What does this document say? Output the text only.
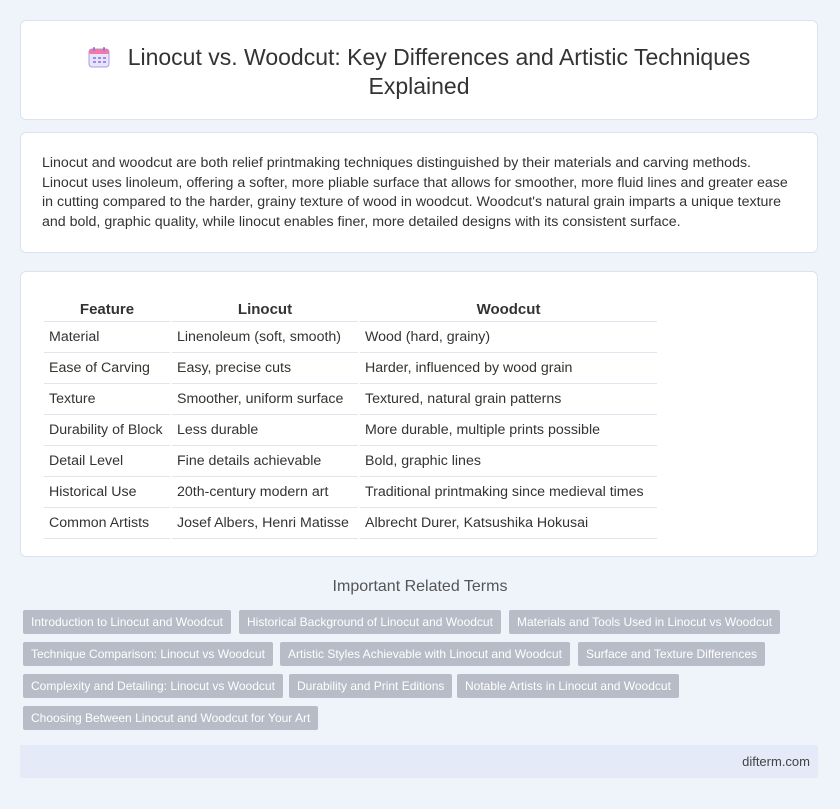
Linocut vs. Woodcut: Key Differences and Artistic Techniques
Explained

Linocut and woodcut are both relief printmaking techniques distinguished by their materials and carving methods. Linocut uses linoleum, offering a softer, more pliable surface that allows for smoother, more fluid lines and greater ease in cutting compared to the harder, grainy texture of wood in woodcut. Woodcut's natural grain imparts a unique texture and bold, graphic quality, while linocut enables finer, more detailed designs with its consistent surface.

Feature	Linocut	Woodcut
Material	Linenoleum (soft, smooth)	Wood (hard, grainy)
Ease of Carving	Easy, precise cuts	Harder, influenced by wood grain
Texture	Smoother, uniform surface	Textured, natural grain patterns
Durability of Block	Less durable	More durable, multiple prints possible
Detail Level	Fine details achievable	Bold, graphic lines
Historical Use	20th-century modern art	Traditional printmaking since medieval times
Common Artists	Josef Albers, Henri Matisse	Albrecht Durer, Katsushika Hokusai
Important Related Terms
Introduction to Linocut and Woodcut	Historical Background of Linocut and Woodcut	Materials and Tools Used in Linocut vs Woodcut
Technique Comparison: Linocut vs Woodcut	Artistic Styles Achievable with Linocut and Woodcut	Surface and Texture Differences
Complexity and Detailing: Linocut vs Woodcut	Durability and Print Editions	Notable Artists in Linocut and Woodcut
Choosing Between Linocut and Woodcut for Your Art
difterm.com
